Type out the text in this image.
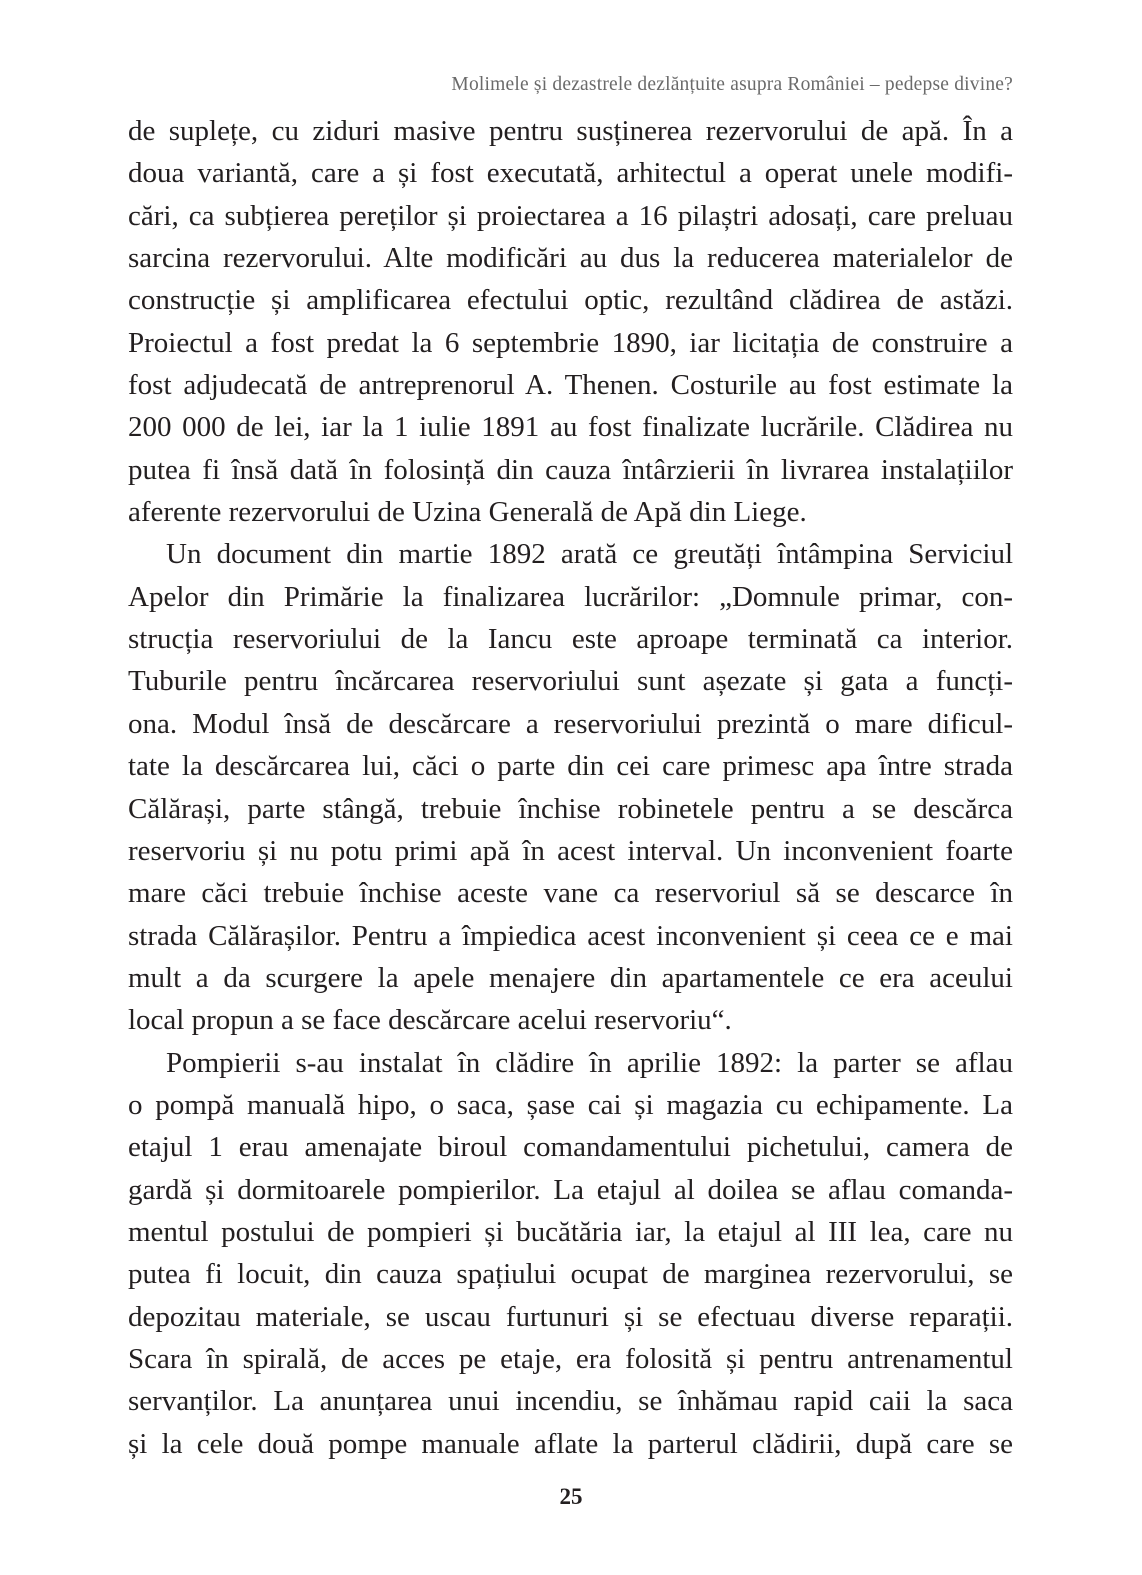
Molimele și dezastrele dezlănțuite asupra României – pedepse divine?
de suplețe, cu ziduri masive pentru susținerea rezervorului de apă. În a
doua variantă, care a și fost executată, arhitectul a operat unele modifi-
cări, ca subțierea pereților și proiectarea a 16 pilaștri adosați, care preluau
sarcina rezervorului. Alte modificări au dus la reducerea materialelor de
construcție și amplificarea efectului optic, rezultând clădirea de astăzi.
Proiectul a fost predat la 6 septembrie 1890, iar licitația de construire a
fost adjudecată de antreprenorul A. Thenen. Costurile au fost estimate la
200 000 de lei, iar la 1 iulie 1891 au fost finalizate lucrările. Clădirea nu
putea fi însă dată în folosință din cauza întârzierii în livrarea instalațiilor
aferente rezervorului de Uzina Generală de Apă din Liege.
Un document din martie 1892 arată ce greutăți întâmpina Serviciul
Apelor din Primărie la finalizarea lucrărilor: „Domnule primar, con-
strucția reservoriului de la Iancu este aproape terminată ca interior.
Tuburile pentru încărcarea reservoriului sunt așezate și gata a funcți-
ona. Modul însă de descărcare a reservoriului prezintă o mare dificul-
tate la descărcarea lui, căci o parte din cei care primesc apa între strada
Călărași, parte stângă, trebuie închise robinetele pentru a se descărca
reservoriu și nu potu primi apă în acest interval. Un inconvenient foarte
mare căci trebuie închise aceste vane ca reservoriul să se descarce în
strada Călărașilor. Pentru a împiedica acest inconvenient și ceea ce e mai
mult a da scurgere la apele menajere din apartamentele ce era aceului
local propun a se face descărcare acelui reservoriu“.
Pompierii s-au instalat în clădire în aprilie 1892: la parter se aflau
o pompă manuală hipo, o saca, șase cai și magazia cu echipamente. La
etajul 1 erau amenajate biroul comandamentului pichetului, camera de
gardă și dormitoarele pompierilor. La etajul al doilea se aflau comanda-
mentul postului de pompieri și bucătăria iar, la etajul al III lea, care nu
putea fi locuit, din cauza spațiului ocupat de marginea rezervorului, se
depozitau materiale, se uscau furtunuri și se efectuau diverse reparații.
Scara în spirală, de acces pe etaje, era folosită și pentru antrenamentul
servanților. La anunțarea unui incendiu, se înhămau rapid caii la saca
și la cele două pompe manuale aflate la parterul clădirii, după care se
25
